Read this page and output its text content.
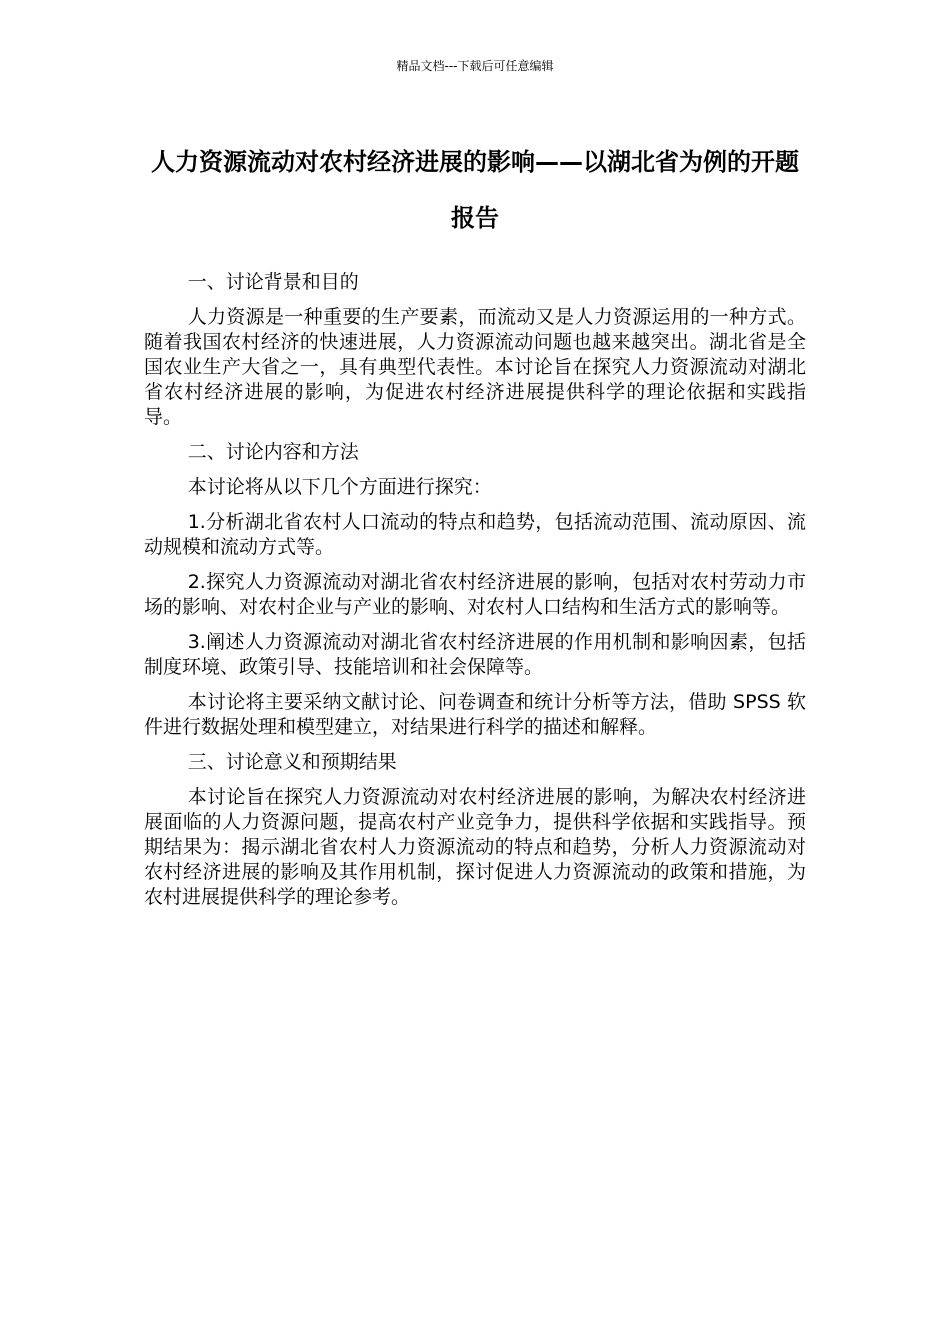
精品文档---下载后可任意编辑
人力资源流动对农村经济进展的影响——以湖北省为例的开题报告

一、讨论背景和目的

人力资源是一种重要的生产要素，而流动又是人力资源运用的一种方式。随着我国农村经济的快速进展，人力资源流动问题也越来越突出。湖北省是全国农业生产大省之一，具有典型代表性。本讨论旨在探究人力资源流动对湖北省农村经济进展的影响，为促进农村经济进展提供科学的理论依据和实践指导。

二、讨论内容和方法

本讨论将从以下几个方面进行探究：

1.分析湖北省农村人口流动的特点和趋势，包括流动范围、流动原因、流动规模和流动方式等。

2.探究人力资源流动对湖北省农村经济进展的影响，包括对农村劳动力市场的影响、对农村企业与产业的影响、对农村人口结构和生活方式的影响等。

3.阐述人力资源流动对湖北省农村经济进展的作用机制和影响因素，包括制度环境、政策引导、技能培训和社会保障等。

本讨论将主要采纳文献讨论、问卷调查和统计分析等方法，借助 SPSS 软件进行数据处理和模型建立，对结果进行科学的描述和解释。

三、讨论意义和预期结果

本讨论旨在探究人力资源流动对农村经济进展的影响，为解决农村经济进展面临的人力资源问题，提高农村产业竞争力，提供科学依据和实践指导。预期结果为：揭示湖北省农村人力资源流动的特点和趋势，分析人力资源流动对农村经济进展的影响及其作用机制，探讨促进人力资源流动的政策和措施，为农村进展提供科学的理论参考。
